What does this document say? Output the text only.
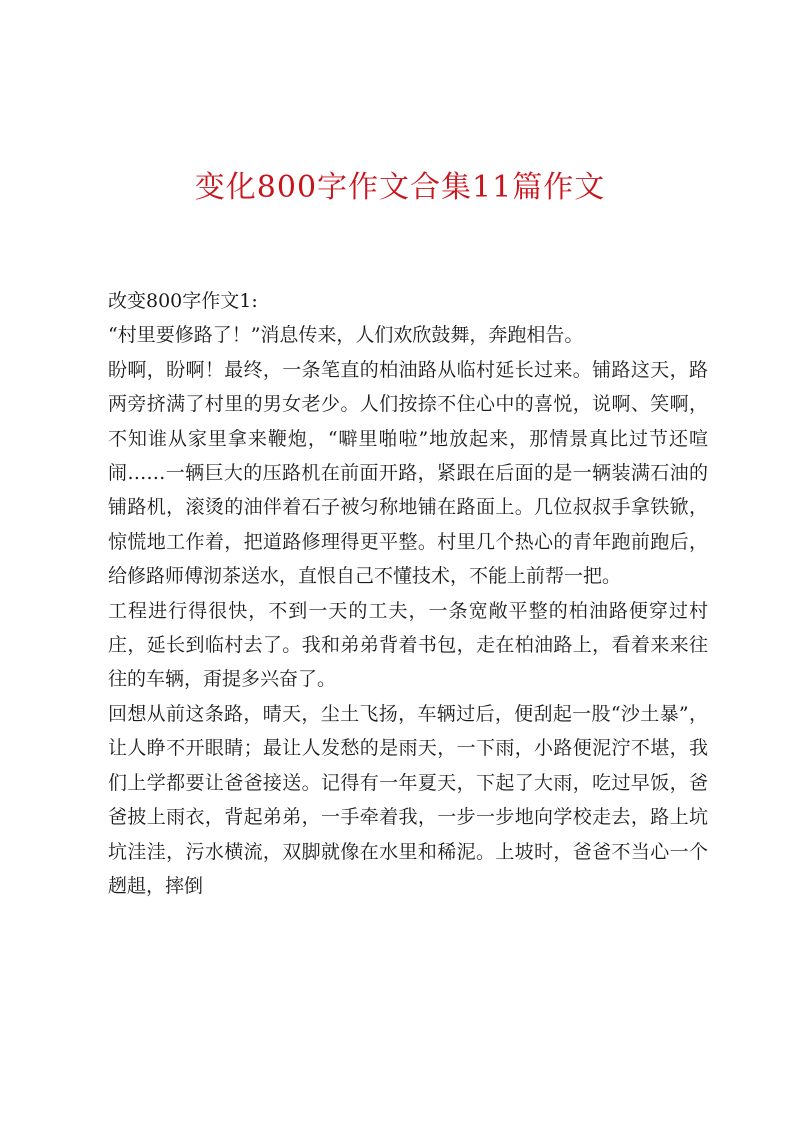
变化800字作文合集11篇作文

改变800字作文1:

“村里要修路了！”消息传来，人们欢欣鼓舞，奔跑相告。

盼啊，盼啊！最终，一条笔直的柏油路从临村延长过来。铺路这天，路两旁挤满了村里的男女老少。人们按捺不住心中的喜悦，说啊、笑啊，不知谁从家里拿来鞭炮，“噼里啪啦”地放起来，那情景真比过节还喧闹……一辆巨大的压路机在前面开路，紧跟在后面的是一辆装满石油的铺路机，滚烫的油伴着石子被匀称地铺在路面上。几位叔叔手拿铁锨，惊慌地工作着，把道路修理得更平整。村里几个热心的青年跑前跑后，给修路师傅沏茶送水，直恨自己不懂技术，不能上前帮一把。

工程进行得很快，不到一天的工夫，一条宽敞平整的柏油路便穿过村庄，延长到临村去了。我和弟弟背着书包，走在柏油路上，看着来来往往的车辆，甭提多兴奋了。

回想从前这条路，晴天，尘土飞扬，车辆过后，便刮起一股“沙土暴”，让人睁不开眼睛；最让人发愁的是雨天，一下雨，小路便泥泞不堪，我们上学都要让爸爸接送。记得有一年夏天，下起了大雨，吃过早饭，爸爸披上雨衣，背起弟弟，一手牵着我，一步一步地向学校走去，路上坑坑洼洼，污水横流，双脚就像在水里和稀泥。上坡时，爸爸不当心一个趔趄，摔倒
